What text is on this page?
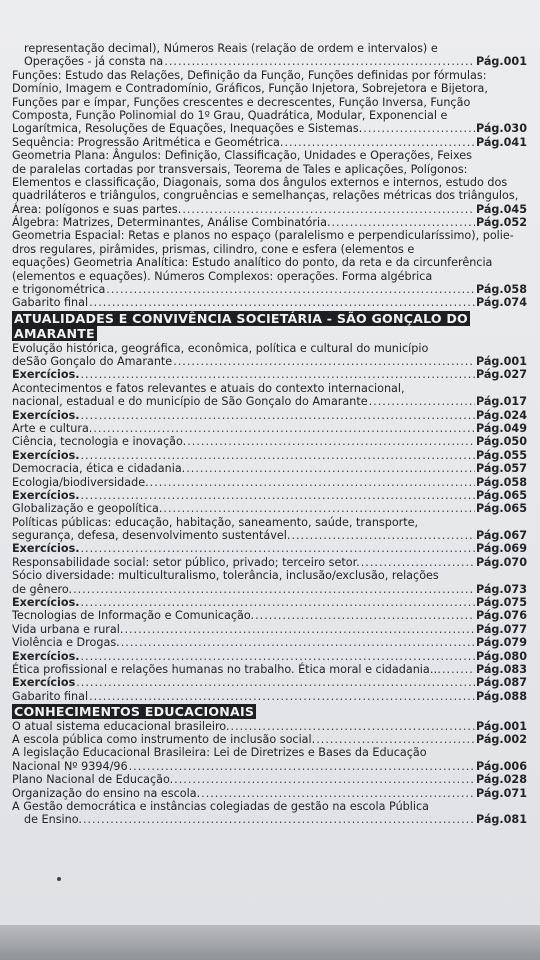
representação decimal), Números Reais (relação de ordem e intervalos) e
Operações - já consta na .....	Pág.001
Funções: Estudo das Relações, Definição da Função, Funções definidas por fórmulas:
Domínio, Imagem e Contradomínio, Gráficos, Função Injetora, Sobrejetora e Bijetora,
Funções par e ímpar, Funções crescentes e decrescentes, Função Inversa, Função
Composta, Função Polinomial do 1º Grau, Quadrática, Modular, Exponencial e
Logarítmica, Resoluções de Equações, Inequações e Sistemas. .....	Pág.030
Sequência: Progressão Aritmética e Geométrica. .....	Pág.041
Geometria Plana: Ângulos: Definição, Classificação, Unidades e Operações, Feixes
de paralelas cortadas por transversais, Teorema de Tales e aplicações, Polígonos:
Elementos e classificação, Diagonais, soma dos ângulos externos e internos, estudo dos
quadriláteros e triângulos, congruências e semelhanças, relações métricas dos triângulos,
Área: polígonos e suas partes. .....	Pág.045
Álgebra: Matrizes, Determinantes, Análise Combinatória. .....	Pág.052
Geometria Espacial: Retas e planos no espaço (paralelismo e perpendicularíssimo), polie-
dros regulares, pirâmides, prismas, cilindro, cone e esfera (elementos e
equações) Geometria Analítica: Estudo analítico do ponto, da reta e da circunferência
(elementos e equações). Números Complexos: operações. Forma algébrica
e trigonométrica .....	Pág.058
Gabarito final .....	Pág.074
ATUALIDADES E CONVIVÊNCIA SOCIETÁRIA - SÃO GONÇALO DO
AMARANTE
Evolução histórica, geográfica, econômica, política e cultural do município
deSão Gonçalo do Amarante .....	Pág.001
Exercícios. .....	Pág.027
Acontecimentos e fatos relevantes e atuais do contexto internacional,
nacional, estadual e do município de São Gonçalo do Amarante .....	Pág.017
Exercícios. .....	Pág.024
Arte e cultura. .....	Pág.049
Ciência, tecnologia e inovação. .....	Pág.050
Exercícios. .....	Pág.055
Democracia, ética e cidadania. .....	Pág.057
Ecologia/biodiversidade. .....	Pág.058
Exercícios. .....	Pág.065
Globalização e geopolítica. .....	Pág.065
Políticas públicas: educação, habitação, saneamento, saúde, transporte,
segurança, defesa, desenvolvimento sustentável. .....	Pág.067
Exercícios. .....	Pág.069
Responsabilidade social: setor público, privado; terceiro setor. .....	Pág.070
Sócio diversidade: multiculturalismo, tolerância, inclusão/exclusão, relações
de gênero. .....	Pág.073
Exercícios. .....	Pág.075
Tecnologias de Informação e Comunicação. .....	Pág.076
Vida urbana e rural. .....	Pág.077
Violência e Drogas. .....	Pág.079
Exercícios. .....	Pág.080
Ética profissional e relações humanas no trabalho. Ética moral e cidadania… .....	Pág.083
Exercícios .....	Pág.087
Gabarito final .....	Pág.088
CONHECIMENTOS EDUCACIONAIS
O atual sistema educacional brasileiro. .....	Pág.001
A escola pública como instrumento de inclusão social. .....	Pág.002
A legislação Educacional Brasileira: Lei de Diretrizes e Bases da Educação
Nacional Nº 9394/96 .....	Pág.006
Plano Nacional de Educação. .....	Pág.028
Organização do ensino na escola. .....	Pág.071
A Gestão democrática e instâncias colegiadas de gestão na escola Pública
de Ensino. .....	Pág.081
